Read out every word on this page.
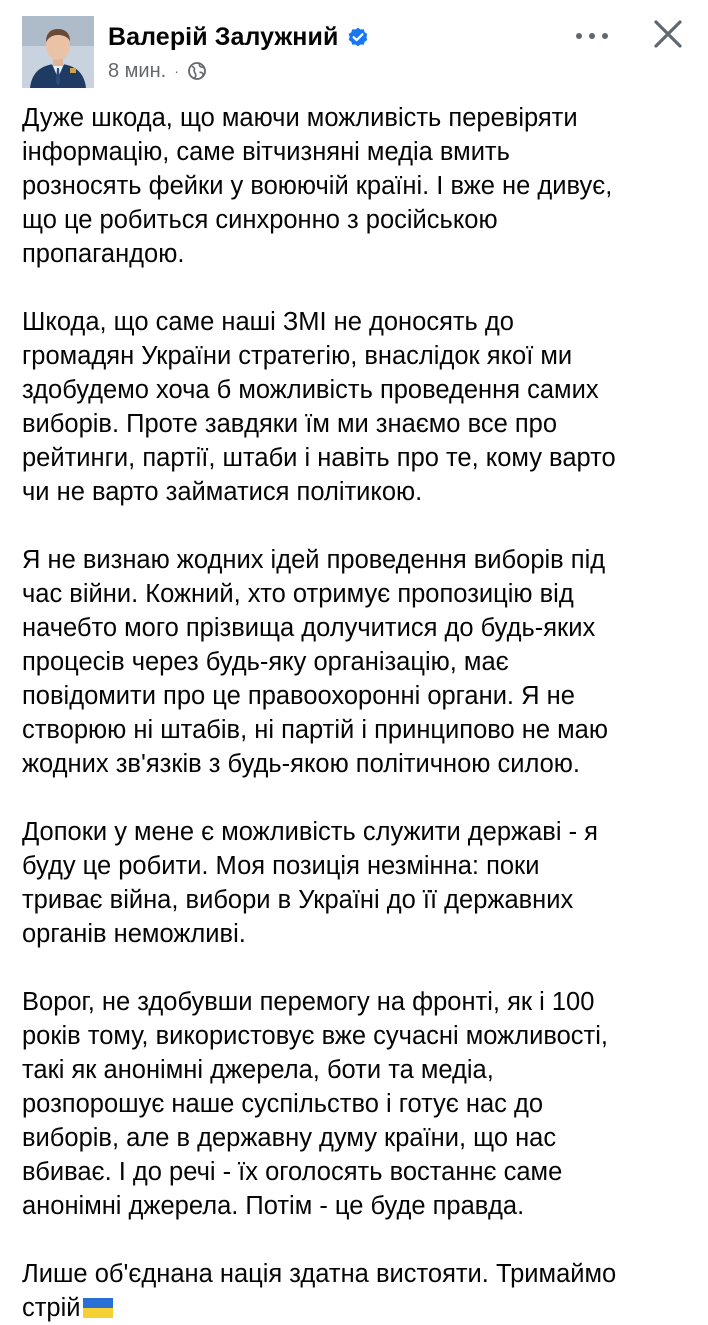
Валерій Залужний
8 мин. ·

Дуже шкода, що маючи можливість перевіряти
інформацію, саме вітчизняні медіа вмить
розносять фейки у воюючій країні. І вже не дивує,
що це робиться синхронно з російською
пропагандою.

Шкода, що саме наші ЗМІ не доносять до
громадян України стратегію, внаслідок якої ми
здобудемо хоча б можливість проведення самих
виборів. Проте завдяки їм ми знаємо все про
рейтинги, партії, штаби і навіть про те, кому варто
чи не варто займатися політикою.

Я не визнаю жодних ідей проведення виборів під
час війни. Кожний, хто отримує пропозицію від
начебто мого прізвища долучитися до будь-яких
процесів через будь-яку організацію, має
повідомити про це правоохоронні органи. Я не
створюю ні штабів, ні партій і принципово не маю
жодних зв'язків з будь-якою політичною силою.

Допоки у мене є можливість служити державі - я
буду це робити. Моя позиція незмінна: поки
триває війна, вибори в Україні до її державних
органів неможливі.

Ворог, не здобувши перемогу на фронті, як і 100
років тому, використовує вже сучасні можливості,
такі як анонімні джерела, боти та медіа,
розпорошує наше суспільство і готує нас до
виборів, але в державну думу країни, що нас
вбиває. І до речі - їх оголосять востаннє саме
анонімні джерела. Потім - це буде правда.

Лише об'єднана нація здатна вистояти. Тримаймо
стрій
